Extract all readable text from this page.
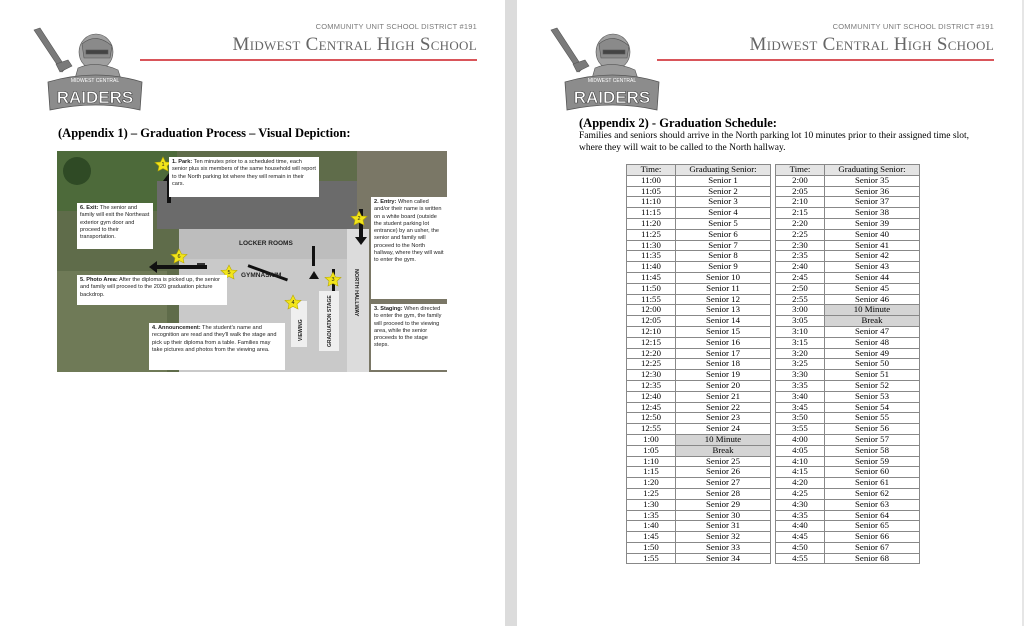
COMMUNITY UNIT SCHOOL DISTRICT #191
Midwest Central High School
MIDWEST CENTRAL
RAIDERS
(Appendix 1) – Graduation Process – Visual Depiction:
1
2
3
4
5
6
LOCKER ROOMS
GYMNASIUM	NORTH HALLWAY
GRADUATION STAGE
VIEWING
1. Park: Ten minutes prior to a scheduled time, each senior plus six members of the same household will report to the North parking lot where they will remain in their cars.
2. Entry: When called and/or their name is written on a white board (outside the student parking lot entrance) by an usher, the senior and family will proceed to the North hallway, where they will wait to enter the gym.
3. Staging: When directed to enter the gym, the family will proceed to the viewing area, while the senior proceeds to the stage steps.
4. Announcement: The student's name and recognition are read and they'll walk the stage and pick up their diploma from a table. Families may take pictures and photos from the viewing area.
5. Photo Area: After the diploma is picked up, the senior and family will proceed to the 2020 graduation picture backdrop.
6. Exit: The senior and family will exit the Northeast exterior gym door and proceed to their transportation.
COMMUNITY UNIT SCHOOL DISTRICT #191
Midwest Central High School
MIDWEST CENTRAL
RAIDERS
(Appendix 2) - Graduation Schedule:
Families and seniors should arrive in the North parking lot 10 minutes prior to their assigned time slot, where they will wait to be called to the North hallway.
Time:	Graduating Senior:		Time:	Graduating Senior:
11:00	Senior 1		2:00	Senior 35
11:05	Senior 2		2:05	Senior 36
11:10	Senior 3		2:10	Senior 37
11:15	Senior 4		2:15	Senior 38
11:20	Senior 5		2:20	Senior 39
11:25	Senior 6		2:25	Senior 40
11:30	Senior 7		2:30	Senior 41
11:35	Senior 8		2:35	Senior 42
11:40	Senior 9		2:40	Senior 43
11:45	Senior 10		2:45	Senior 44
11:50	Senior 11		2:50	Senior 45
11:55	Senior 12		2:55	Senior 46
12:00	Senior 13		3:00	10 Minute
12:05	Senior 14		3:05	Break
12:10	Senior 15		3:10	Senior 47
12:15	Senior 16		3:15	Senior 48
12:20	Senior 17		3:20	Senior 49
12:25	Senior 18		3:25	Senior 50
12:30	Senior 19		3:30	Senior 51
12:35	Senior 20		3:35	Senior 52
12:40	Senior 21		3:40	Senior 53
12:45	Senior 22		3:45	Senior 54
12:50	Senior 23		3:50	Senior 55
12:55	Senior 24		3:55	Senior 56
1:00	10 Minute		4:00	Senior 57
1:05	Break		4:05	Senior 58
1:10	Senior 25		4:10	Senior 59
1:15	Senior 26		4:15	Senior 60
1:20	Senior 27		4:20	Senior 61
1:25	Senior 28		4:25	Senior 62
1:30	Senior 29		4:30	Senior 63
1:35	Senior 30		4:35	Senior 64
1:40	Senior 31		4:40	Senior 65
1:45	Senior 32		4:45	Senior 66
1:50	Senior 33		4:50	Senior 67
1:55	Senior 34		4:55	Senior 68
